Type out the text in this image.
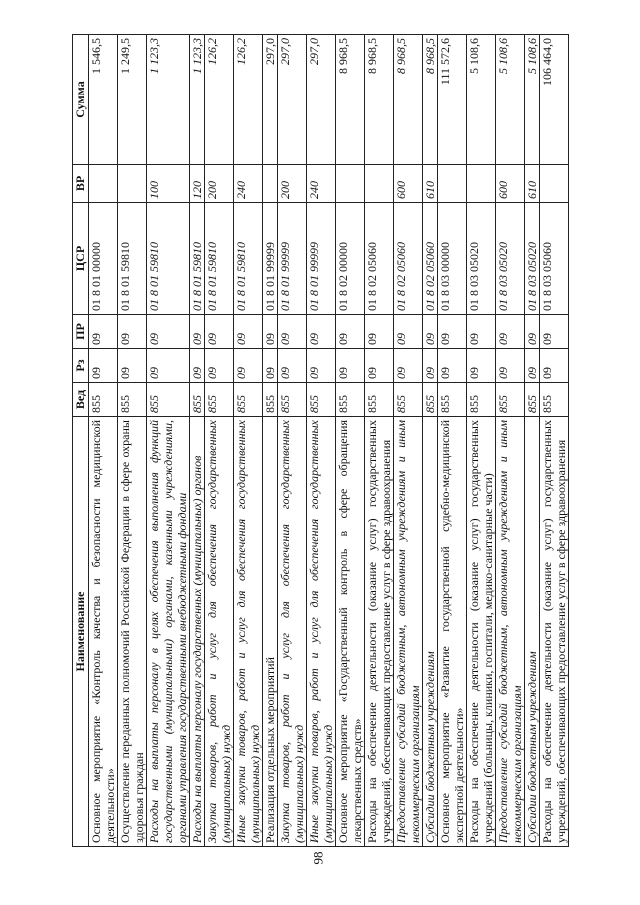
98
Наименование	Вед	Рз	ПР	ЦСР	ВР	Сумма
Основное мероприятие «Контроль качества и безопасности медицинской деятельности»	855	09	09	01 8 01 00000		1 546,5
Осуществление переданных полномочий Российской Федерации в сфере охраны здоровья граждан	855	09	09	01 8 01 59810		1 249,5
Расходы на выплаты персоналу в целях обеспечения выполнения функций государственными (муниципальными) органами, казенными учреждениями, органами управления государственными внебюджетными фондами	855	09	09	01 8 01 59810	100	1 123,3
Расходы на выплаты персоналу государственных (муниципальных) органов	855	09	09	01 8 01 59810	120	1 123,3
Закупка товаров, работ и услуг для обеспечения государственных (муниципальных) нужд	855	09	09	01 8 01 59810	200	126,2
Иные закупки товаров, работ и услуг для обеспечения государственных (муниципальных) нужд	855	09	09	01 8 01 59810	240	126,2
Реализация отдельных мероприятий	855	09	09	01 8 01 99999		297,0
Закупка товаров, работ и услуг для обеспечения государственных (муниципальных) нужд	855	09	09	01 8 01 99999	200	297,0
Иные закупки товаров, работ и услуг для обеспечения государственных (муниципальных) нужд	855	09	09	01 8 01 99999	240	297,0
Основное мероприятие «Государственный контроль в сфере обращения лекарственных средств»	855	09	09	01 8 02 00000		8 968,5
Расходы на обеспечение деятельности (оказание услуг) государственных учреждений, обеспечивающих предоставление услуг в сфере здравоохранения	855	09	09	01 8 02 05060		8 968,5
Предоставление субсидий бюджетным, автономным учреждениям и иным некоммерческим организациям	855	09	09	01 8 02 05060	600	8 968,5
Субсидии бюджетным учреждениям	855	09	09	01 8 02 05060	610	8 968,5
Основное мероприятие «Развитие государственной судебно-медицинской экспертной деятельности»	855	09	09	01 8 03 00000		111 572,6
Расходы на обеспечение деятельности (оказание услуг) государственных учреждений (больницы, клиники, госпитали, медико-санитарные части)	855	09	09	01 8 03 05020		5 108,6
Предоставление субсидий бюджетным, автономным учреждениям и иным некоммерческим организациям	855	09	09	01 8 03 05020	600	5 108,6
Субсидии бюджетным учреждениям	855	09	09	01 8 03 05020	610	5 108,6
Расходы на обеспечение деятельности (оказание услуг) государственных учреждений, обеспечивающих предоставление услуг в сфере здравоохранения	855	09	09	01 8 03 05060		106 464,0
